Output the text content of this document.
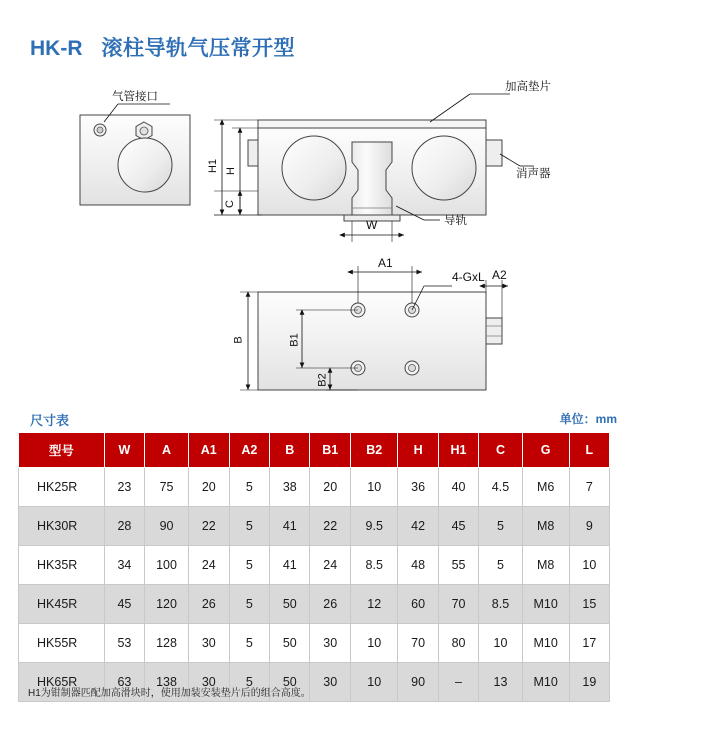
HK-R 滚柱导轨气压常开型
气管接口
加高垫片
消声器
导轨
H1 H
C
W
A1
4-GxL A2
B	B1
B2
尺寸表	单位：mm
型号	W	A	A1	A2	B	B1	B2	H	H1	C	G	L
HK25R	23	75	20	5	38	20	10	36	40	4.5	M6	7
HK30R	28	90	22	5	41	22	9.5	42	45	5	M8	9
HK35R	34	100	24	5	41	24	8.5	48	55	5	M8	10
HK45R	45	120	26	5	50	26	12	60	70	8.5	M10	15
HK55R	53	128	30	5	50	30	10	70	80	10	M10	17
HK65R	63	138	30	5	50	30	10	90	–	13	M10	19
H1为钳制器匹配加高滑块时，使用加装安装垫片后的组合高度。
